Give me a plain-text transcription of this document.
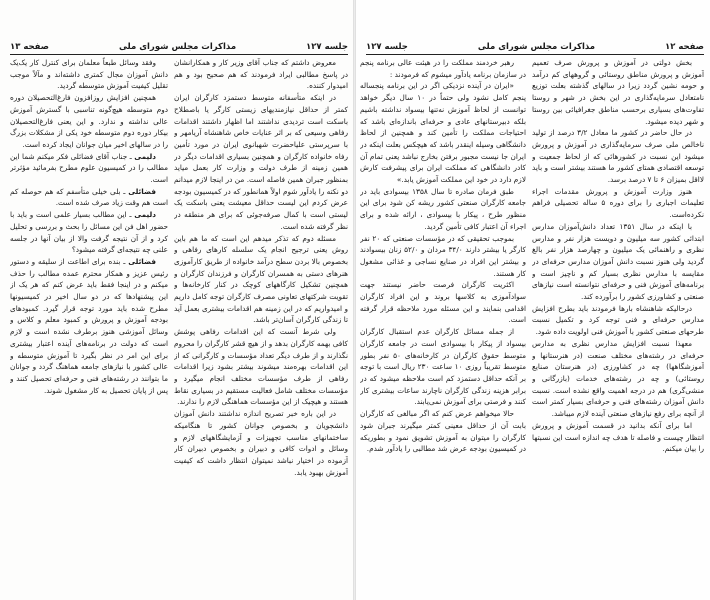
صفحه ۱۳	مذاکرات مجلس شورای ملی	جلسه ۱۲۷

معروض داشتم که جناب آقای وزیر کار و همکارانشان در پاسخ مطالبی ایراد فرمودند که هم صحیح بود و هم امیدوار کننده.

در اینکه متأسفانه متوسط دستمزد کارگران ایران کمتر از حداقل نیازمندیهای زیستی کارگر یا باصطلاح باسکت است تردیدی نداشتند اما اظهار داشتند اقدامات رفاهی وسیعی که بر اثر عنایات خاص شاهنشاه آریامهر و با سرپرستی علیاحضرت شهبانوی ایران در مورد تأمین رفاه خانواده کارگران و همچنین بسیاری اقدامات دیگر در همین زمینه از طرف دولت و وزارت کار بعمل میاید بمنظور جبران همین فاصله است. من در اینجا لازم میدانم دو نکته را یادآور شوم اولاً همانطور که در کمیسیون بودجه عرض کردم این لیست حداقل معیشت یعنی باسکت یک لیستی است با کمال صرفه‌جوئی که برای هر منطقه در نظر گرفته شده است.

مسئله دوم که تذکر میدهم این است که ما هم باین روش یعنی ترجیح انجام یک سلسله کارهای رفاهی و بخصوص بالا بردن سطح درآمد خانواده از طریق کارآموزی هنرهای دستی به همسران کارگران و فرزندان کارگران و همچنین تشکیل کارگاههای کوچک در کنار کارخانه‌ها و تقویت شرکتهای تعاونی مصرف کارگران توجه کامل داریم و امیدواریم که در این زمینه هم اقدامات بیشتری بعمل آید تا زندگی کارگران آسان‌تر باشد.

ولی شرط آنست که این اقدامات رفاهی پوشش کافی بهمه کارگران بدهد و از هیچ قشر کارگران را محروم نگذارند و از طرف دیگر تعداد مؤسسات و کارگرانی که از این اقدامات بهره‌مند میشوند بیشتر بشود زیرا اقدامات رفاهی از طرف مؤسسات مختلف انجام میگیرد و مؤسسات مختلف شامل فعالیت مستقیم در بسیاری نقاط هستند و هیچیک از این مؤسسات هماهنگی لازم را ندارند.

در این باره خبر تصریح اندازه نداشتند دانش آموزان دانشجویان و بخصوص جوانان کشور تا هنگامیکه ساختمانهای مناسب تجهیزات و آزمایشگاههای لازم و وسائل و ادوات کافی و دبیران و بخصوص دبیران کار آزموده در اختیار نباشد نمیتوان انتظار داشت که کیفیت آموزش بهبود یابد.

وفقد وسائل طبعاً معلمان برای کنترل کار یک‌یک دانش آموزان مجال کمتری داشته‌اند و مآلاً موجب تقلیل کیفیت آموزش متوسطه گردید.

همچنین افزایش روزافزون فارغ‌التحصیلان دوره دوم متوسطه هیچ‌گونه تناسبی با گسترش آموزش عالی نداشته و ندارد. و این یعنی فارغ‌التحصیلان بیکار دوره دوم متوسطه خود یکی از مشکلات بزرگ را در سالهای اخیر میان جوانان ایجاد کرده است.

دلیمی ـ جناب آقای فضائلی فکر میکنم شما این مطالب را در کمیسیون علوم مطرح بفرمائید مؤثرتر است.

فضائلی ـ بلی خیلی متأسفم که هم حوصله کم است هم وقت زیاد صرف شده است.

دلیمی ـ این مطالب بسیار علمی است و باید با حضور اهل فن این مسائل را بحث و بررسی و تحلیل کرد و از آن نتیجه گرفت والا از بیان آنها در جلسه علنی چه نتیجه‌ای گرفته میشود؟

فضائلی ـ بنده برای اطاعت از سلیقه و دستور رئیس عزیز و همکار محترم عمده مطالب را حذف میکنم و در اینجا فقط باید عرض کنم که هر یک از این پیشنهادها که در دو سال اخیر در کمیسیونها مطرح شده باید مورد توجه قرار گیرد. کمبودهای بودجه آموزش و پرورش و کمبود معلم و کلاس و وسائل آموزشی هنوز برطرف نشده است و لازم است که دولت در برنامه‌های آینده اعتبار بیشتری برای این امر در نظر بگیرد تا آموزش متوسطه و عالی کشور با نیازهای جامعه هماهنگ گردد و جوانان ما بتوانند در رشته‌های فنی و حرفه‌ای تحصیل کنند و پس از پایان تحصیل به کار مشغول شوند.

جلسه ۱۲۷	مذاکرات مجلس شورای ملی	صفحه ۱۲

بخش دولتی در آموزش و پرورش صرف تعمیم آموزش و پرورش مناطق روستائی و گروههای کم درآمد و حومه نشین گردد زیرا در سالهای گذشته بعلت توزیع نامتعادل سرمایه‌گذاری در این بخش در شهر و روستا تفاوت‌های بسیاری برحسب مناطق جغرافیائی بین روستا و شهر دیده میشود.

در حال حاضر در کشور ما معادل ۳/۲ درصد از تولید ناخالص ملی صرف سرمایه‌گذاری در آموزش و پرورش میشود این نسبت در کشورهائی که از لحاظ جمعیت و توسعه اقتصادی همتای کشور ما هستند بیشتر است و باید لااقل بمیزان ۶ تا ۷ درصد برسد.

هنوز وزارت آموزش و پرورش مقدمات اجراء تعلیمات اجباری را برای دوره ۵ ساله تحصیلی فراهم نکرده‌است.

با اینکه در سال ۱۳۵۱ تعداد دانش‌آموزان مدارس ابتدائی کشور سه میلیون و دویست هزار نفر و مدارس نظری و راهنمائی یک میلیون و چهارصد هزار نفر بالغ گردید ولی هنوز نسبت دانش آموزان مدارس حرفه‌ای در مقایسه با مدارس نظری بسیار کم و ناچیز است و برنامه‌های آموزش فنی و حرفه‌ای نتوانسته است نیازهای صنعتی و کشاورزی کشور را برآورده کند.

درحالیکه شاهنشاه بارها فرمودند باید بطرح افزایش مدارس حرفه‌ای و فنی توجه کرد و تکمیل نسبت طرحهای صنعتی کشور با آموزش فنی اولویت داده شود.

معهذا نسبت افزایش مدارس نظری به مدارس حرفه‌ای در رشته‌های مختلف صنعت (در هنرستانها و آموزشگاهها) چه در کشاورزی (در هنرستان صنایع روستائی) و چه در رشته‌های خدمات (بازرگانی و منشی‌گری) هم در درجه اهمیت واقع نشده است. نسبت دانش آموزان رشته‌های فنی و حرفه‌ای بسیار کمتر است از آنچه برای رفع نیازهای صنعتی آینده لازم میباشد.

اما برای آنکه بدانید در قسمت آموزش و پرورش انتظار چیست و فاصله تا هدف چه اندازه است این نسبتها را بیان میکنم.

رهبر خردمند مملکت را در هیئت عالی برنامه پنجم در سازمان برنامه یادآور میشوم که فرمودند :

«ایران در آینده نزدیکی اگر در این برنامه پنجساله پنجم کامل نشود ولی حتماً در ۱۰ سال دیگر خواهد توانست از لحاظ آموزش نه‌تنها بیسواد نداشته باشیم بلکه دبیرستانهای عادی و حرفه‌ای باندازه‌ای باشد که احتیاجات مملکت را تأمین کند و همچنین از لحاظ دانشگاهی وسیله اینقدر باشد که هیچکس بعلت اینکه در ایران جا نیست مجبور برفتن بخارج نباشد یعنی تمام آن کادر دانشگاهی که مملکت ایران برای پیشرفت کارش لازم دارد در خود این مملکت آموزش یابد.»

طبق فرمان صادره تا سال ۱۳۵۸ بیسوادی باید در جامعه کارگران صنعتی کشور ریشه کن شود برای این منظور طرح ، پیکار با بیسوادی ، ارائه شده و برای اجراء آن اعتبار کافی تأمین گردید.

بموجب تحقیقی که در مؤسسات صنعتی که ۲۰ نفر کارگر یا بیشتر دارند ۳۴/۰ مردان و ۵۲/۰ زنان بیسوادند و بیشتر این افراد در صنایع نساجی و غذائی مشغول کار هستند.

اکثریت کارگران فرصت حاضر نیستند جهت سوادآموزی به کلاسها بروند و این افراد کارگران اقدامی بنمایند و این مسئله مورد ملاحظه قرار گرفته است.

از جمله مسائل کارگران عدم استقبال کارگران بیسواد از پیکار با بیسوادی است در جامعه کارگران متوسط حقوق کارگران در کارخانه‌های ۵۰ نفر بطور متوسط تقریباً روزی ۱۰ ساعت ۲۳۰ ریال است با توجه بر آنکه حداقل دستمزد کم است ملاحظه میشود که در برابر هزینه زندگی کارگران ناچارند ساعات بیشتری کار کنند و فرصتی برای آموزش نمی‌یابند.

حالا میخواهم عرض کنم که اگر مبالغی که کارگران بابت آن از حداقل معینی کمتر میگیرند جبران شود کارگران را میتوان به آموزش تشویق نمود و بطوریکه در کمیسیون بودجه عرض شد مطالبی را یادآور شدم.
